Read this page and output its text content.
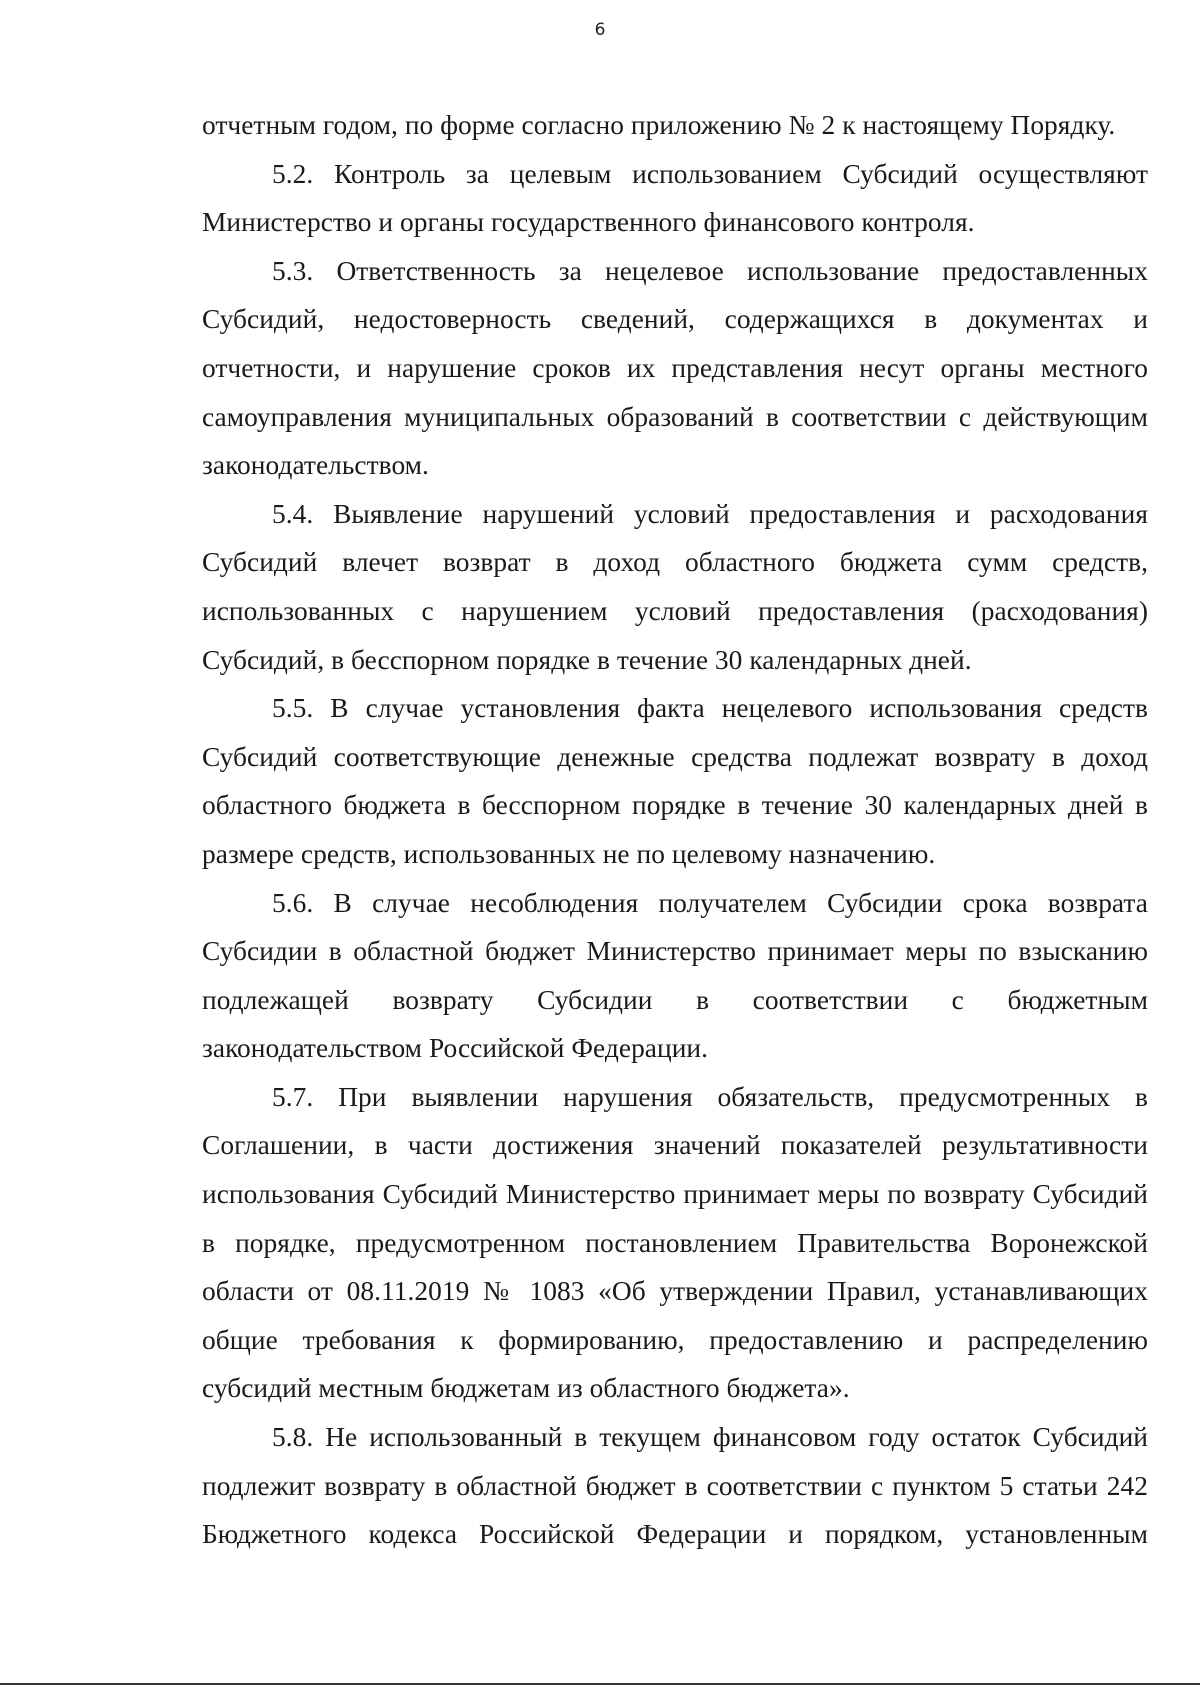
6

отчетным годом, по форме согласно приложению № 2 к настоящему Порядку.

5.2. Контроль за целевым использованием Субсидий осуществляют Министерство и органы государственного финансового контроля.

5.3. Ответственность за нецелевое использование предоставленных Субсидий, недостоверность сведений, содержащихся в документах и отчетности, и нарушение сроков их представления несут органы местного самоуправления муниципальных образований в соответствии с действующим законодательством.

5.4. Выявление нарушений условий предоставления и расходования Субсидий влечет возврат в доход областного бюджета сумм средств, использованных с нарушением условий предоставления (расходования) Субсидий, в бесспорном порядке в течение 30 календарных дней.

5.5. В случае установления факта нецелевого использования средств Субсидий соответствующие денежные средства подлежат возврату в доход областного бюджета в бесспорном порядке в течение 30 календарных дней в размере средств, использованных не по целевому назначению.

5.6. В случае несоблюдения получателем Субсидии срока возврата Субсидии в областной бюджет Министерство принимает меры по взысканию подлежащей возврату Субсидии в соответствии с бюджетным законодательством Российской Федерации.

5.7. При выявлении нарушения обязательств, предусмотренных в Соглашении, в части достижения значений показателей результативности использования Субсидий Министерство принимает меры по возврату Субсидий в порядке, предусмотренном постановлением Правительства Воронежской области от 08.11.2019 № 1083 «Об утверждении Правил, устанавливающих общие требования к формированию, предоставлению и распределению субсидий местным бюджетам из областного бюджета».

5.8. Не использованный в текущем финансовом году остаток Субсидий подлежит возврату в областной бюджет в соответствии с пунктом 5 статьи 242 Бюджетного кодекса Российской Федерации и порядком, установленным
